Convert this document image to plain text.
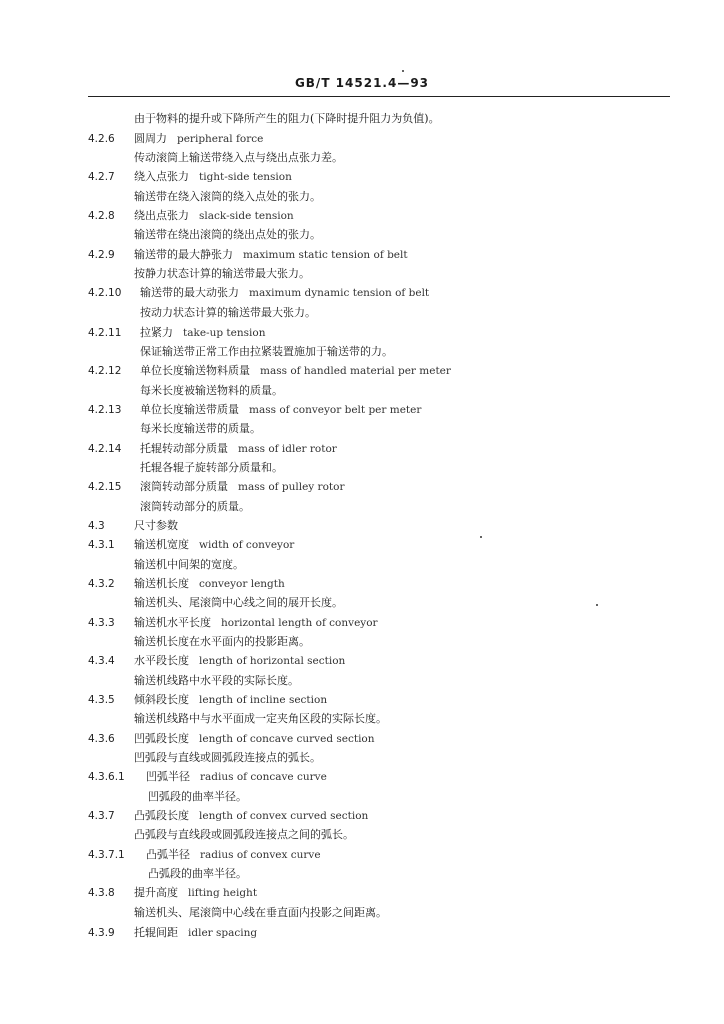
GB/T 14521.4—93
由于物料的提升或下降所产生的阻力(下降时提升阻力为负值)。
4.2.6 圆周力 peripheral force
传动滚筒上输送带绕入点与绕出点张力差。
4.2.7 绕入点张力 tight-side tension
输送带在绕入滚筒的绕入点处的张力。
4.2.8 绕出点张力 slack-side tension
输送带在绕出滚筒的绕出点处的张力。
4.2.9 输送带的最大静张力 maximum static tension of belt
按静力状态计算的输送带最大张力。
4.2.10 输送带的最大动张力 maximum dynamic tension of belt
按动力状态计算的输送带最大张力。
4.2.11 拉紧力 take-up tension
保证输送带正常工作由拉紧装置施加于输送带的力。
4.2.12 单位长度输送物料质量 mass of handled material per meter
每米长度被输送物料的质量。
4.2.13 单位长度输送带质量 mass of conveyor belt per meter
每米长度输送带的质量。
4.2.14 托辊转动部分质量 mass of idler rotor
托辊各辊子旋转部分质量和。
4.2.15 滚筒转动部分质量 mass of pulley rotor
滚筒转动部分的质量。
4.3	尺寸参数
4.3.1 输送机宽度 width of conveyor
输送机中间架的宽度。
4.3.2 输送机长度 conveyor length
输送机头、尾滚筒中心线之间的展开长度。
4.3.3 输送机水平长度 horizontal length of conveyor
输送机长度在水平面内的投影距离。
4.3.4 水平段长度 length of horizontal section
输送机线路中水平段的实际长度。
4.3.5 倾斜段长度 length of incline section
输送机线路中与水平面成一定夹角区段的实际长度。
4.3.6 凹弧段长度 length of concave curved section
凹弧段与直线或圆弧段连接点的弧长。
4.3.6.1 凹弧半径 radius of concave curve
凹弧段的曲率半径。
4.3.7 凸弧段长度 length of convex curved section
凸弧段与直线段或圆弧段连接点之间的弧长。
4.3.7.1 凸弧半径 radius of convex curve
凸弧段的曲率半径。
4.3.8 提升高度 lifting height
输送机头、尾滚筒中心线在垂直面内投影之间距离。
4.3.9 托辊间距 idler spacing
